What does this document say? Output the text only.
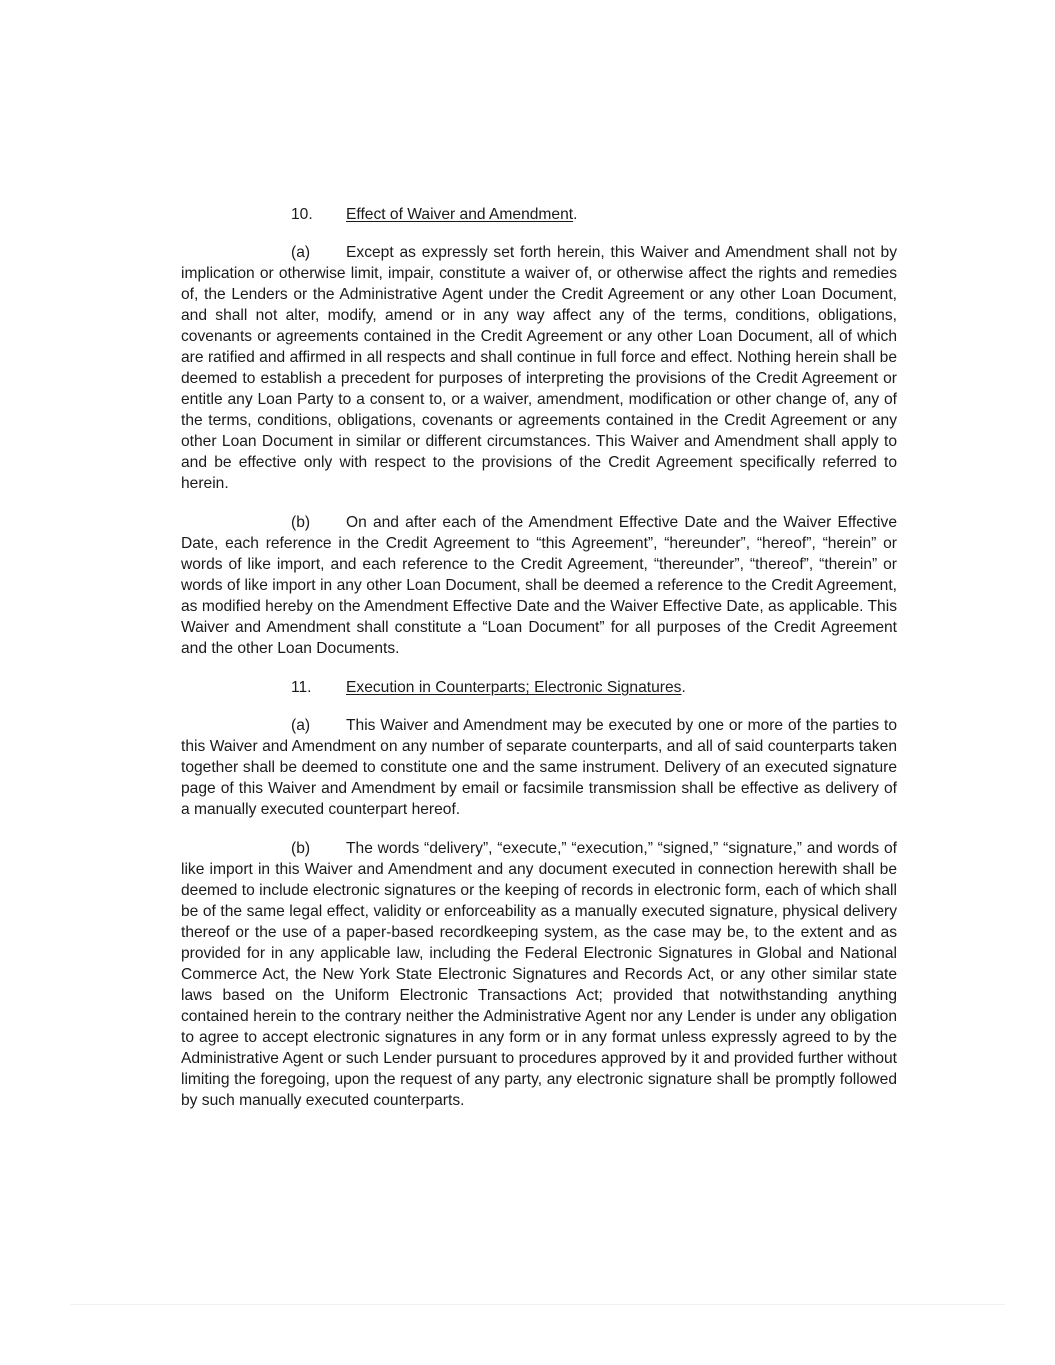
10. Effect of Waiver and Amendment.

(a) Except as expressly set forth herein, this Waiver and Amendment shall not by implication or otherwise limit, impair, constitute a waiver of, or otherwise affect the rights and remedies of, the Lenders or the Administrative Agent under the Credit Agreement or any other Loan Document, and shall not alter, modify, amend or in any way affect any of the terms, conditions, obligations, covenants or agreements contained in the Credit Agreement or any other Loan Document, all of which are ratified and affirmed in all respects and shall continue in full force and effect. Nothing herein shall be deemed to establish a precedent for purposes of interpreting the provisions of the Credit Agreement or entitle any Loan Party to a consent to, or a waiver, amendment, modification or other change of, any of the terms, conditions, obligations, covenants or agreements contained in the Credit Agreement or any other Loan Document in similar or different circumstances. This Waiver and Amendment shall apply to and be effective only with respect to the provisions of the Credit Agreement specifically referred to herein.

(b) On and after each of the Amendment Effective Date and the Waiver Effective Date, each reference in the Credit Agreement to “this Agreement”, “hereunder”, “hereof”, “herein” or words of like import, and each reference to the Credit Agreement, “thereunder”, “thereof”, “therein” or words of like import in any other Loan Document, shall be deemed a reference to the Credit Agreement, as modified hereby on the Amendment Effective Date and the Waiver Effective Date, as applicable. This Waiver and Amendment shall constitute a “Loan Document” for all purposes of the Credit Agreement and the other Loan Documents.

11. Execution in Counterparts; Electronic Signatures.

(a) This Waiver and Amendment may be executed by one or more of the parties to this Waiver and Amendment on any number of separate counterparts, and all of said counterparts taken together shall be deemed to constitute one and the same instrument. Delivery of an executed signature page of this Waiver and Amendment by email or facsimile transmission shall be effective as delivery of a manually executed counterpart hereof.

(b) The words “delivery”, “execute,” “execution,” “signed,” “signature,” and words of like import in this Waiver and Amendment and any document executed in connection herewith shall be deemed to include electronic signatures or the keeping of records in electronic form, each of which shall be of the same legal effect, validity or enforceability as a manually executed signature, physical delivery thereof or the use of a paper-based recordkeeping system, as the case may be, to the extent and as provided for in any applicable law, including the Federal Electronic Signatures in Global and National Commerce Act, the New York State Electronic Signatures and Records Act, or any other similar state laws based on the Uniform Electronic Transactions Act; provided that notwithstanding anything contained herein to the contrary neither the Administrative Agent nor any Lender is under any obligation to agree to accept electronic signatures in any form or in any format unless expressly agreed to by the Administrative Agent or such Lender pursuant to procedures approved by it and provided further without limiting the foregoing, upon the request of any party, any electronic signature shall be promptly followed by such manually executed counterparts.
